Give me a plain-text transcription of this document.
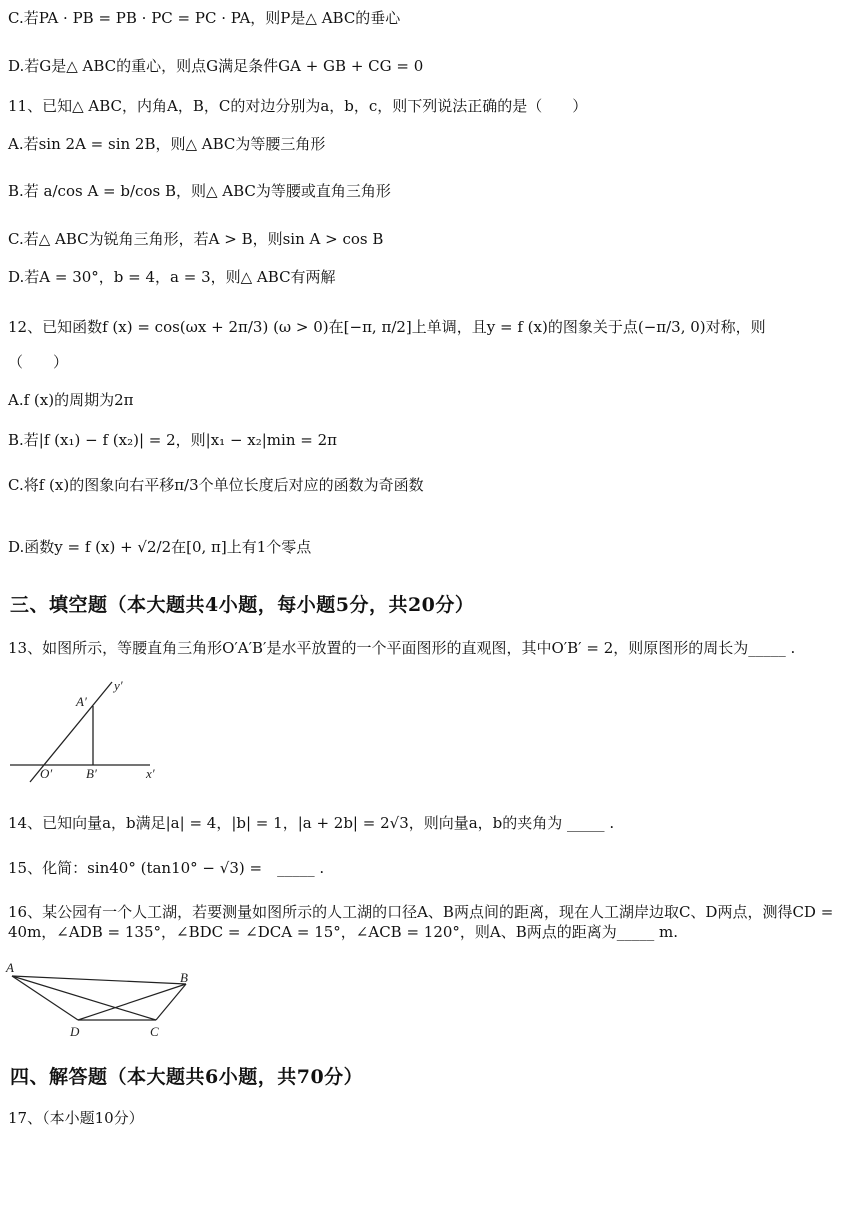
C.若PA · PB = PB · PC = PC · PA，则P是△ ABC的垂心
D.若G是△ ABC的重心，则点G满足条件GA + GB + CG = 0
11、已知△ ABC，内角A，B，C的对边分别为a，b，c，则下列说法正确的是（　　）
A.若sin 2A = sin 2B，则△ ABC为等腰三角形
B.若 a/cos A = b/cos B，则△ ABC为等腰或直角三角形
C.若△ ABC为锐角三角形，若A > B，则sin A > cos B
D.若A = 30°，b = 4，a = 3，则△ ABC有两解
12、已知函数f (x) = cos(ωx + 2π/3) (ω > 0)在[−π, π/2]上单调，且y = f (x)的图象关于点(−π/3, 0)对称，则
（　　）
A.f (x)的周期为2π
B.若|f (x₁) − f (x₂)| = 2，则|x₁ − x₂|min = 2π
C.将f (x)的图象向右平移π/3个单位长度后对应的函数为奇函数
D.函数y = f (x) + √2/2在[0, π]上有1个零点
三、填空题（本大题共4小题，每小题5分，共20分）
13、如图所示，等腰直角三角形O′A′B′是水平放置的一个平面图形的直观图，其中O′B′ = 2，则原图形的周长为_____ .
y′
A′
O′	B′	x′
14、已知向量a，b满足|a| = 4，|b| = 1，|a + 2b| = 2√3，则向量a，b的夹角为 _____ .
15、化简：sin40° (tan10° − √3) =　_____ .
16、某公园有一个人工湖，若要测量如图所示的人工湖的口径A、B两点间的距离，现在人工湖岸边取C、D两点，测得CD = 40m，∠ADB = 135°，∠BDC = ∠DCA = 15°，∠ACB = 120°，则A、B两点的距离为_____ m.
A
B
D	C
四、解答题（本大题共6小题，共70分）
17、（本小题10分）
